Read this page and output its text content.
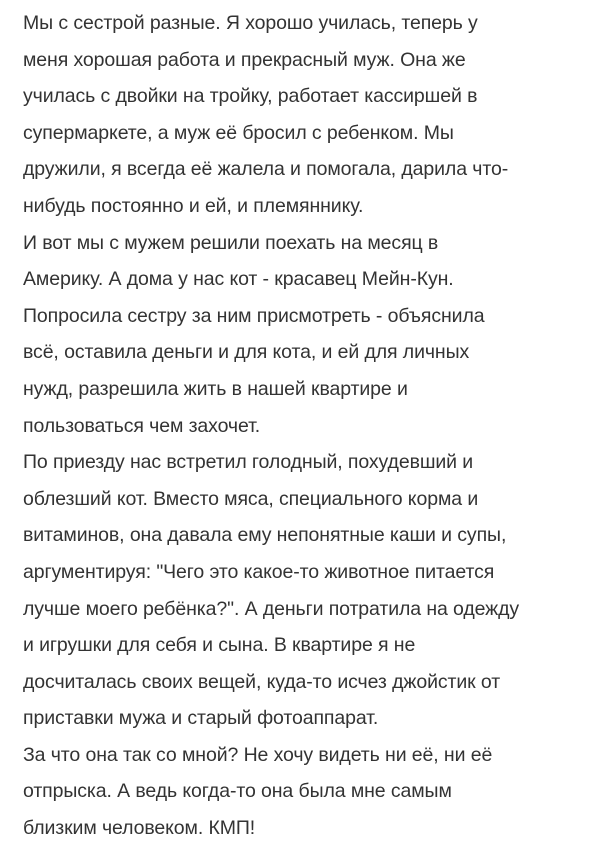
Мы с сестрой разные. Я хорошо училась, теперь у
меня хорошая работа и прекрасный муж. Она же
училась с двойки на тройку, работает кассиршей в
супермаркете, а муж её бросил с ребенком. Мы
дружили, я всегда её жалела и помогала, дарила что-
нибудь постоянно и ей, и племяннику.
И вот мы с мужем решили поехать на месяц в
Америку. А дома у нас кот - красавец Мейн-Кун.
Попросила сестру за ним присмотреть - объяснила
всё, оставила деньги и для кота, и ей для личных
нужд, разрешила жить в нашей квартире и
пользоваться чем захочет.
По приезду нас встретил голодный, похудевший и
облезший кот. Вместо мяса, специального корма и
витаминов, она давала ему непонятные каши и супы,
аргументируя: "Чего это какое-то животное питается
лучше моего ребёнка?". А деньги потратила на одежду
и игрушки для себя и сына. В квартире я не
досчиталась своих вещей, куда-то исчез джойстик от
приставки мужа и старый фотоаппарат.
За что она так со мной? Не хочу видеть ни её, ни её
отпрыска. А ведь когда-то она была мне самым
близким человеком. КМП!
